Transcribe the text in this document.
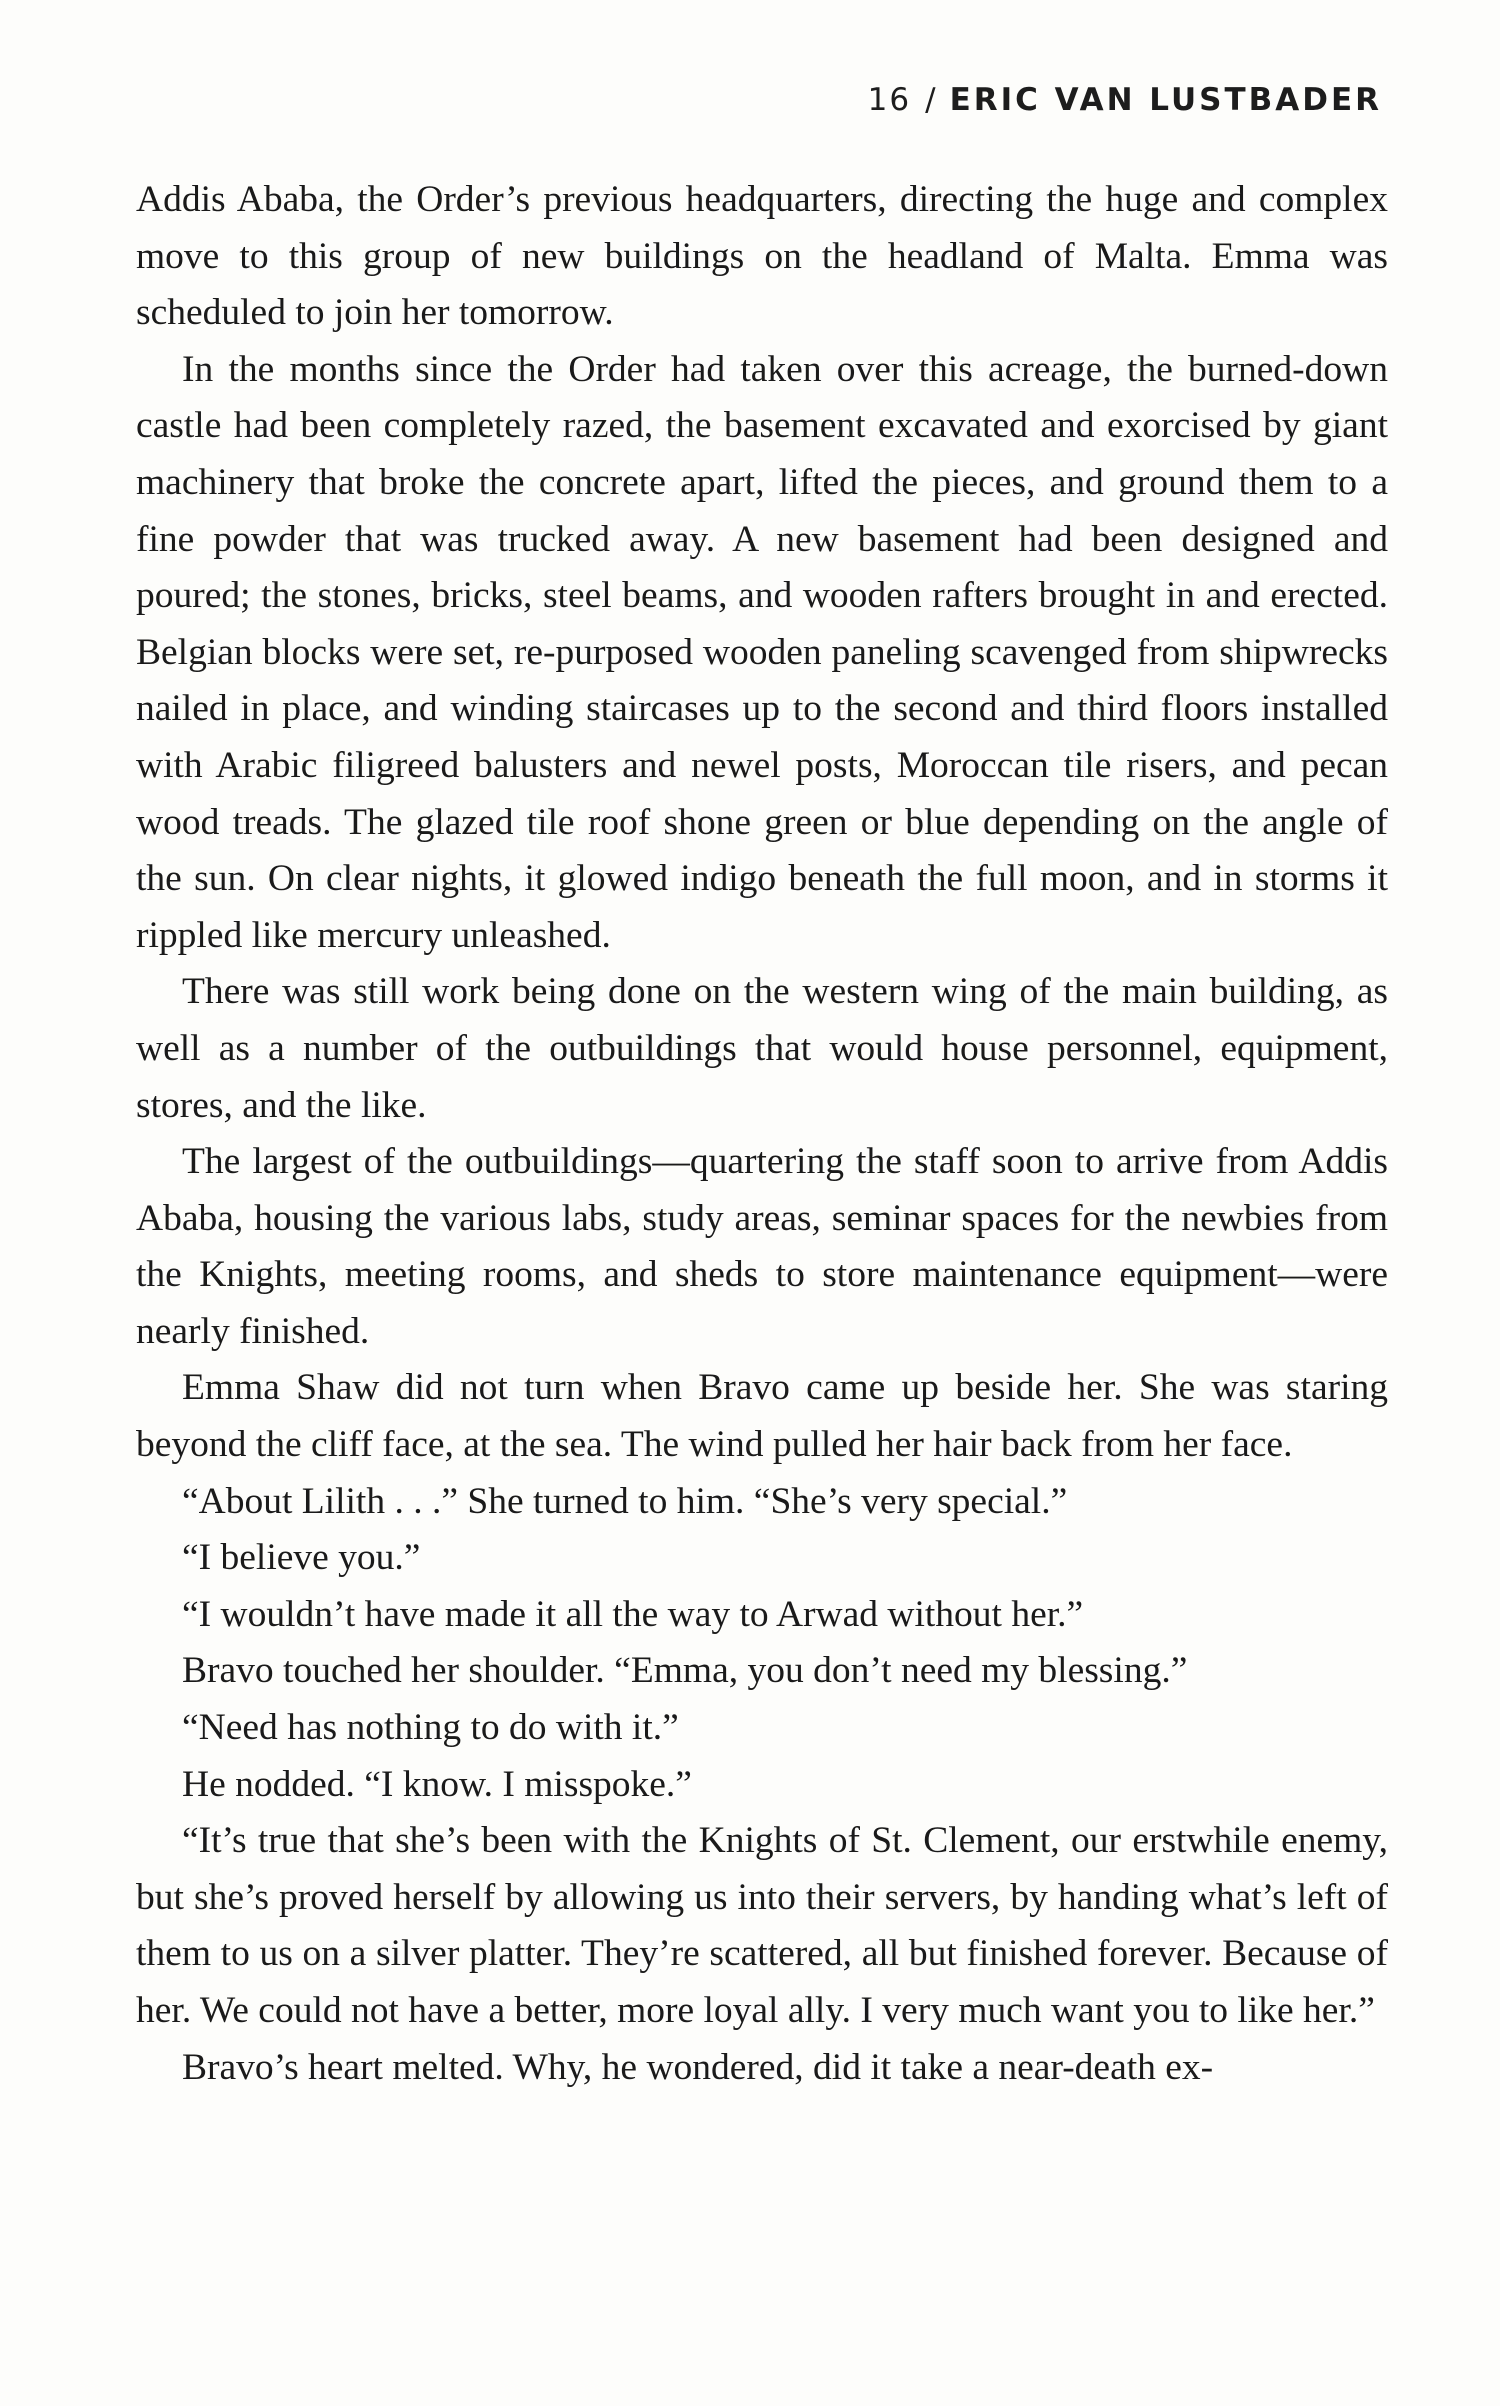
16 / ERIC VAN LUSTBADER

Addis Ababa, the Order’s previous headquarters, directing the huge and complex move to this group of new buildings on the headland of Malta. Emma was scheduled to join her tomorrow.

In the months since the Order had taken over this acreage, the burned-down castle had been completely razed, the basement excavated and exorcised by giant machinery that broke the concrete apart, lifted the pieces, and ground them to a fine powder that was trucked away. A new basement had been designed and poured; the stones, bricks, steel beams, and wooden rafters brought in and erected. Belgian blocks were set, re-purposed wooden paneling scavenged from shipwrecks nailed in place, and winding staircases up to the second and third floors installed with Arabic filigreed balusters and newel posts, Moroccan tile risers, and pecan wood treads. The glazed tile roof shone green or blue depending on the angle of the sun. On clear nights, it glowed indigo beneath the full moon, and in storms it rippled like mercury unleashed.

There was still work being done on the western wing of the main building, as well as a number of the outbuildings that would house personnel, equipment, stores, and the like.

The largest of the outbuildings—quartering the staff soon to arrive from Addis Ababa, housing the various labs, study areas, seminar spaces for the newbies from the Knights, meeting rooms, and sheds to store maintenance equipment—were nearly finished.

Emma Shaw did not turn when Bravo came up beside her. She was staring beyond the cliff face, at the sea. The wind pulled her hair back from her face.

“About Lilith . . .” She turned to him. “She’s very special.”

“I believe you.”

“I wouldn’t have made it all the way to Arwad without her.”

Bravo touched her shoulder. “Emma, you don’t need my blessing.”

“Need has nothing to do with it.”

He nodded. “I know. I misspoke.”

“It’s true that she’s been with the Knights of St. Clement, our erstwhile enemy, but she’s proved herself by allowing us into their servers, by handing what’s left of them to us on a silver platter. They’re scattered, all but finished forever. Because of her. We could not have a better, more loyal ally. I very much want you to like her.”

Bravo’s heart melted. Why, he wondered, did it take a near-death ex-
